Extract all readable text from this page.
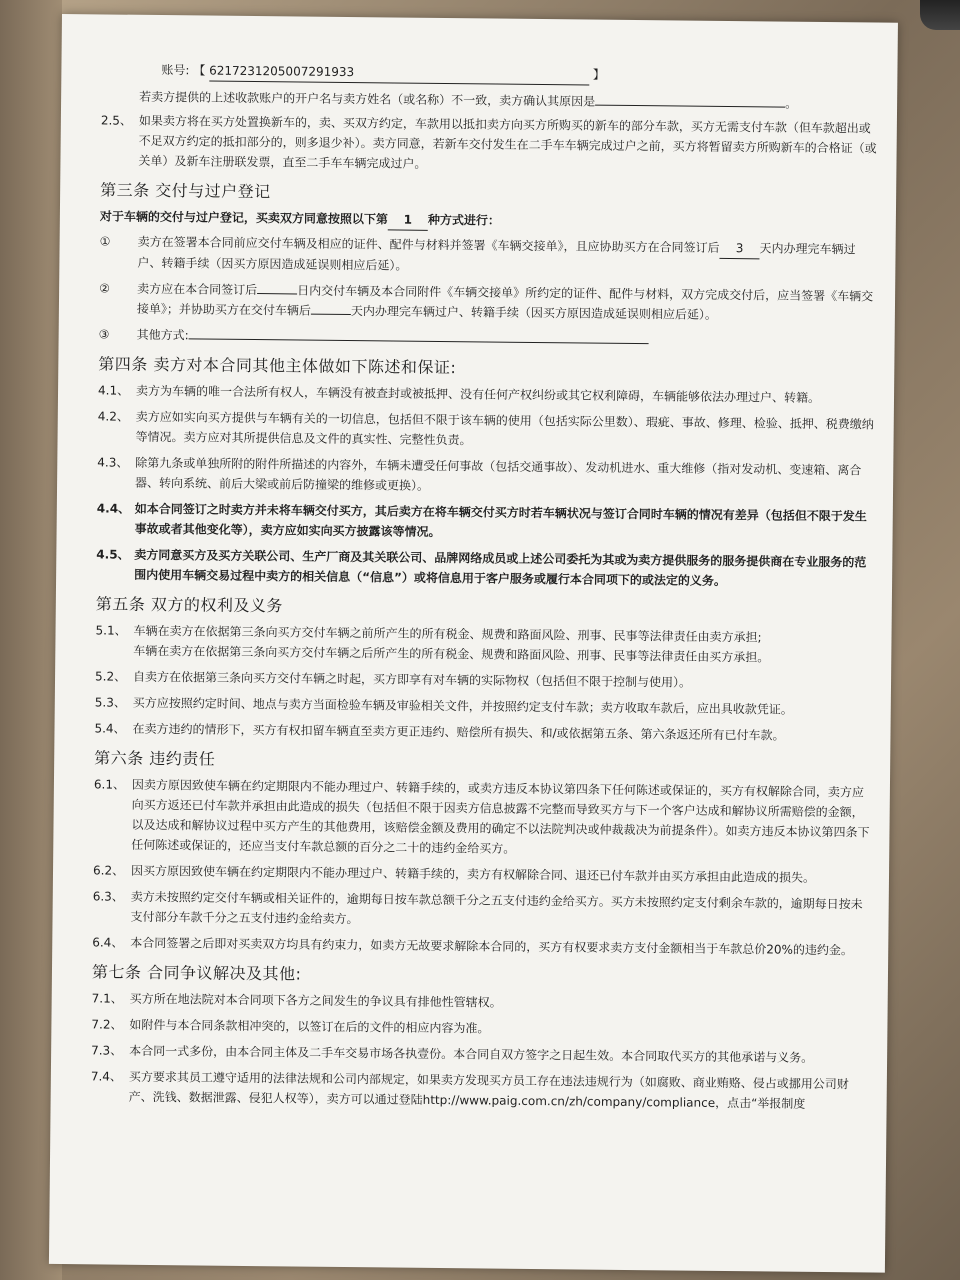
账号: 【 6217231205007291933	】
若卖方提供的上述收款账户的开户名与卖方姓名（或名称）不一致，卖方确认其原因是	。
2.5、 如果卖方将在买方处置换新车的，卖、买双方约定，车款用以抵扣卖方向买方所购买的新车的部分车款，买方无需支付车款（但车款超出或不足双方约定的抵扣部分的，则多退少补）。卖方同意，若新车交付发生在二手车车辆完成过户之前，买方将暂留卖方所购新车的合格证（或关单）及新车注册联发票，直至二手车车辆完成过户。
第三条 交付与过户登记
对于车辆的交付与过户登记，买卖双方同意按照以下第 1 种方式进行：
①	卖方在签署本合同前应交付车辆及相应的证件、配件与材料并签署《车辆交接单》，且应协助买方在合同签订后 3 天内办理完车辆过户、转籍手续（因买方原因造成延误则相应后延）。
②	卖方应在本合同签订后	日内交付车辆及本合同附件《车辆交接单》所约定的证件、配件与材料，双方完成交付后，应当签署《车辆交接单》；并协助买方在交付车辆后	天内办理完车辆过户、转籍手续（因买方原因造成延误则相应后延）。
③	其他方式:
第四条 卖方对本合同其他主体做如下陈述和保证:
4.1、 卖方为车辆的唯一合法所有权人，车辆没有被查封或被抵押、没有任何产权纠纷或其它权利障碍，车辆能够依法办理过户、转籍。
4.2、 卖方应如实向买方提供与车辆有关的一切信息，包括但不限于该车辆的使用（包括实际公里数）、瑕疵、事故、修理、检验、抵押、税费缴纳等情况。卖方应对其所提供信息及文件的真实性、完整性负责。
4.3、 除第九条或单独所附的附件所描述的内容外，车辆未遭受任何事故（包括交通事故）、发动机进水、重大维修（指对发动机、变速箱、离合器、转向系统、前后大梁或前后防撞梁的维修或更换）。
4.4、 如本合同签订之时卖方并未将车辆交付买方，其后卖方在将车辆交付买方时若车辆状况与签订合同时车辆的情况有差异（包括但不限于发生事故或者其他变化等），卖方应如实向买方披露该等情况。
4.5、 卖方同意买方及买方关联公司、生产厂商及其关联公司、品牌网络成员或上述公司委托为其或为卖方提供服务的服务提供商在专业服务的范围内使用车辆交易过程中卖方的相关信息（“信息”）或将信息用于客户服务或履行本合同项下的或法定的义务。
第五条 双方的权利及义务
5.1、 车辆在卖方在依据第三条向买方交付车辆之前所产生的所有税金、规费和路面风险、刑事、民事等法律责任由卖方承担;
车辆在卖方在依据第三条向买方交付车辆之后所产生的所有税金、规费和路面风险、刑事、民事等法律责任由买方承担。
5.2、 自卖方在依据第三条向买方交付车辆之时起，买方即享有对车辆的实际物权（包括但不限于控制与使用）。
5.3、 买方应按照约定时间、地点与卖方当面检验车辆及审验相关文件，并按照约定支付车款；卖方收取车款后，应出具收款凭证。
5.4、 在卖方违约的情形下，买方有权扣留车辆直至卖方更正违约、赔偿所有损失、和/或依据第五条、第六条返还所有已付车款。
第六条 违约责任
6.1、 因卖方原因致使车辆在约定期限内不能办理过户、转籍手续的，或卖方违反本协议第四条下任何陈述或保证的，买方有权解除合同，卖方应向买方返还已付车款并承担由此造成的损失（包括但不限于因卖方信息披露不完整而导致买方与下一个客户达成和解协议所需赔偿的金额，以及达成和解协议过程中买方产生的其他费用，该赔偿金额及费用的确定不以法院判决或仲裁裁决为前提条件）。如卖方违反本协议第四条下任何陈述或保证的，还应当支付车款总额的百分之二十的违约金给买方。
6.2、 因买方原因致使车辆在约定期限内不能办理过户、转籍手续的，卖方有权解除合同、退还已付车款并由买方承担由此造成的损失。
6.3、 卖方未按照约定交付车辆或相关证件的，逾期每日按车款总额千分之五支付违约金给买方。买方未按照约定支付剩余车款的，逾期每日按未支付部分车款千分之五支付违约金给卖方。
6.4、 本合同签署之后即对买卖双方均具有约束力，如卖方无故要求解除本合同的，买方有权要求卖方支付金额相当于车款总价20%的违约金。
第七条 合同争议解决及其他:
7.1、 买方所在地法院对本合同项下各方之间发生的争议具有排他性管辖权。
7.2、 如附件与本合同条款相冲突的，以签订在后的文件的相应内容为准。
7.3、 本合同一式多份，由本合同主体及二手车交易市场各执壹份。本合同自双方签字之日起生效。本合同取代买方的其他承诺与义务。
7.4、 买方要求其员工遵守适用的法律法规和公司内部规定，如果卖方发现买方员工存在违法违规行为（如腐败、商业贿赂、侵占或挪用公司财产、洗钱、数据泄露、侵犯人权等），卖方可以通过登陆http://www.paig.com.cn/zh/company/compliance，点击“举报制度
